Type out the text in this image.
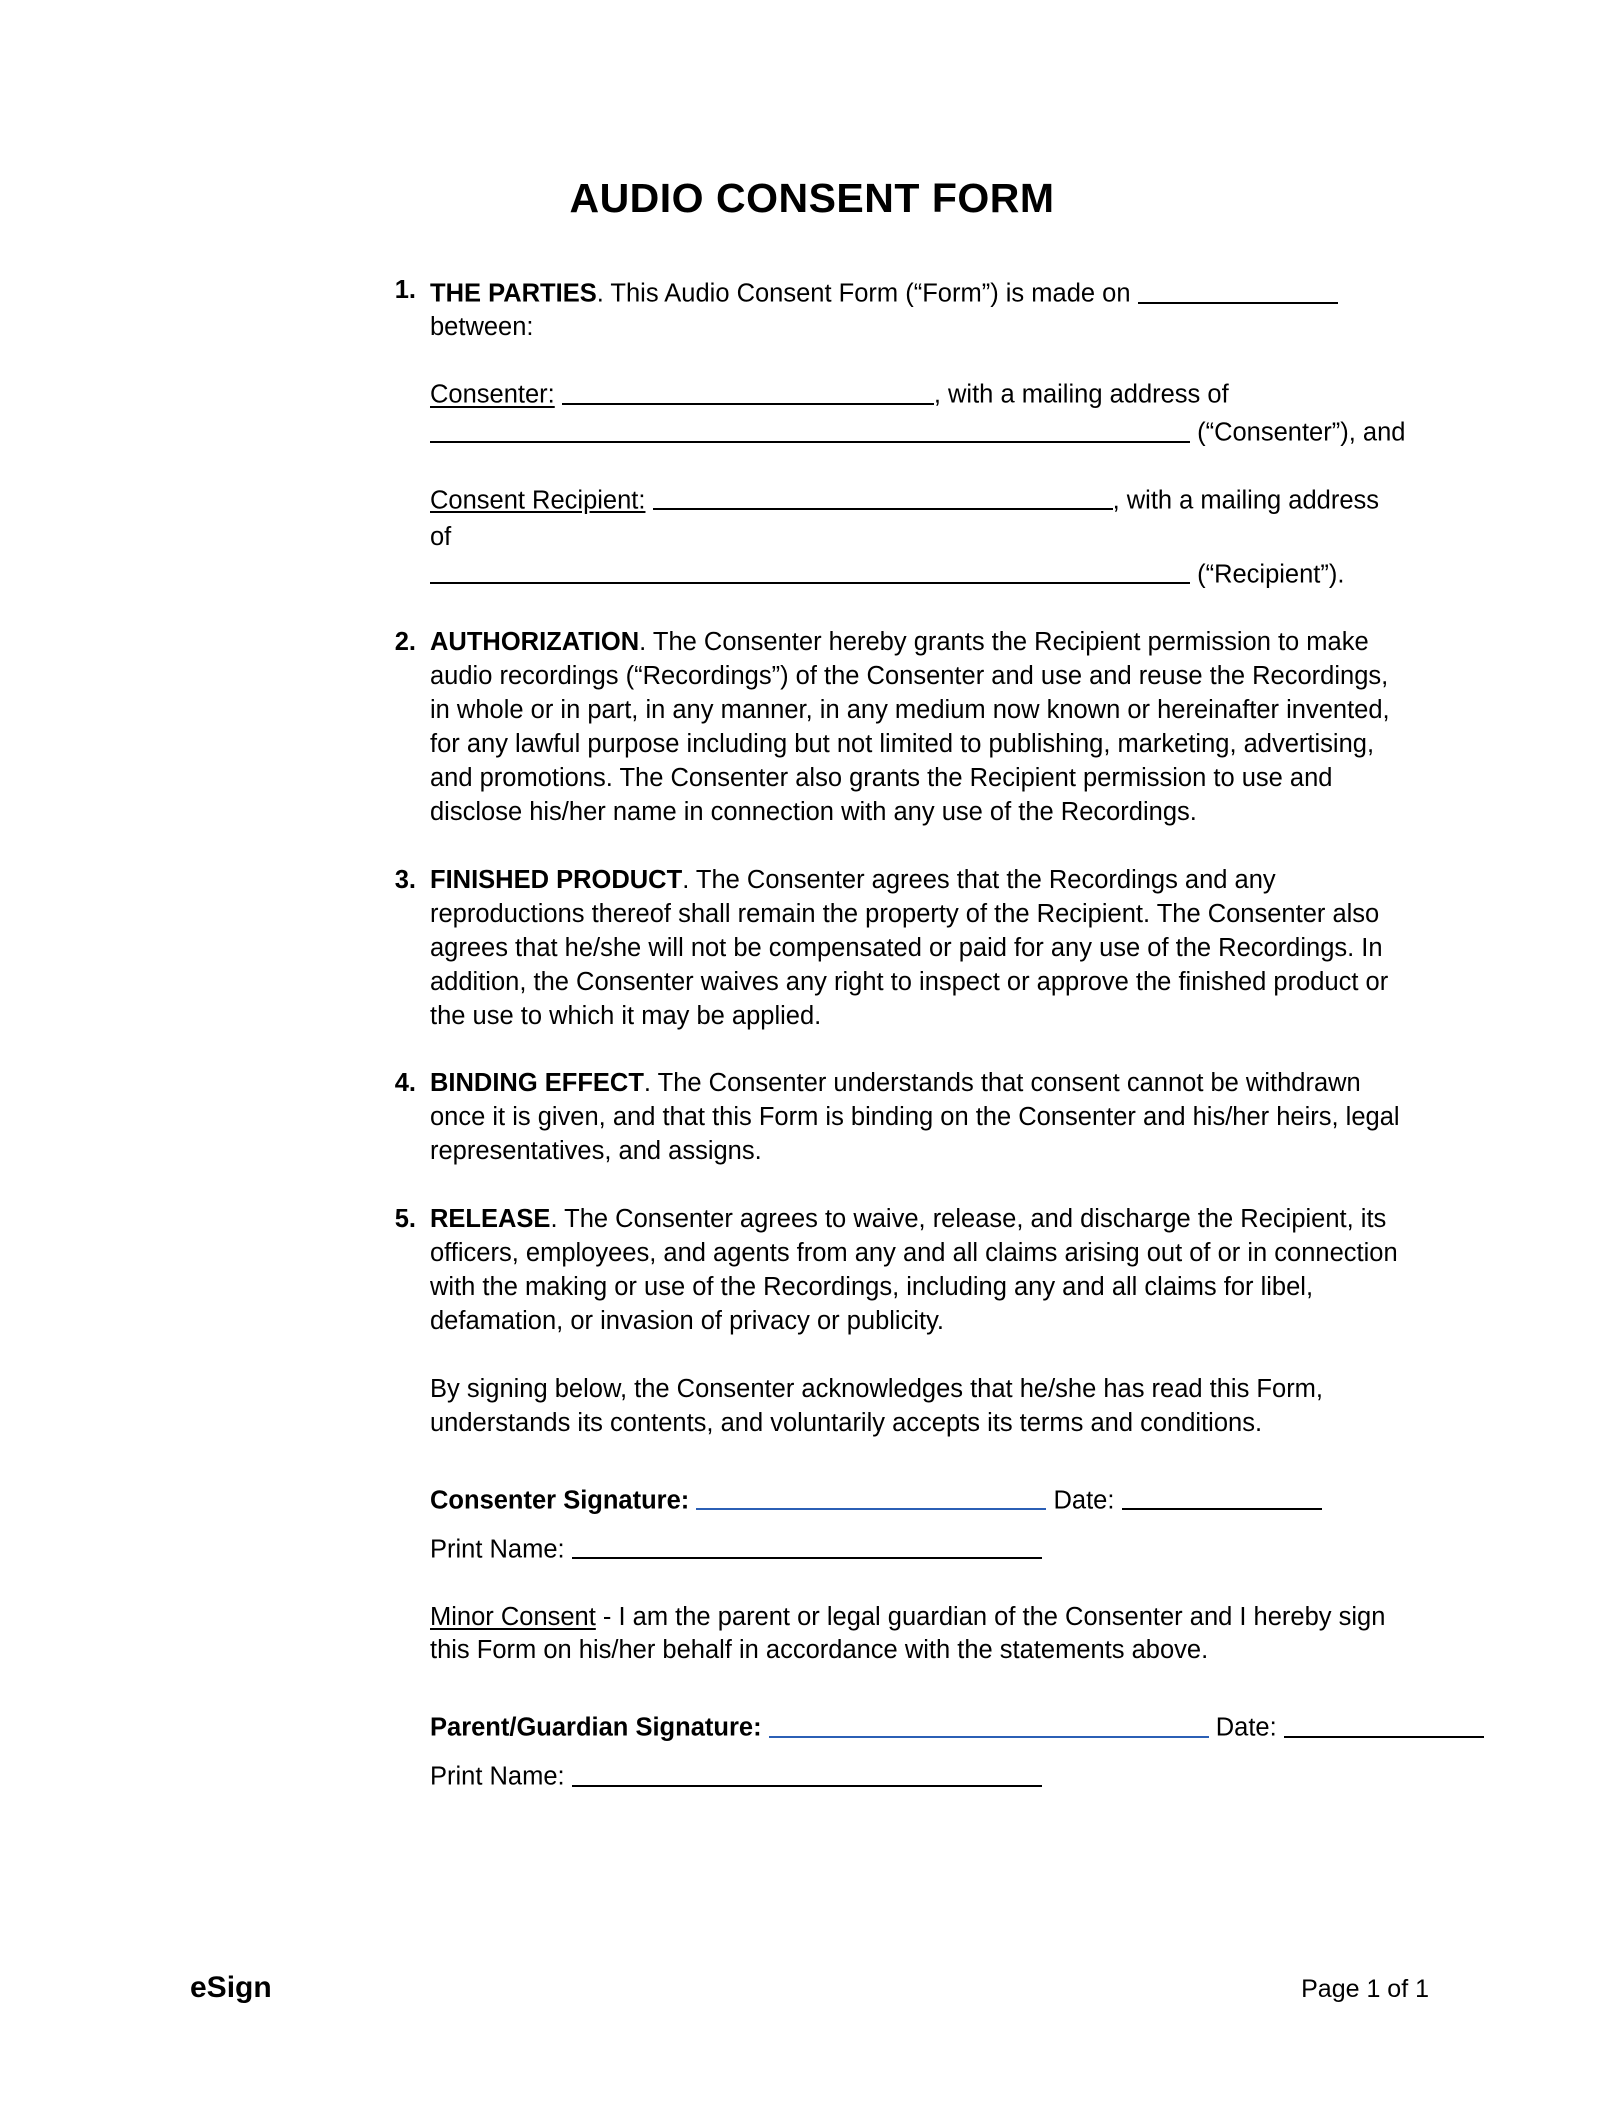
AUDIO CONSENT FORM
1. THE PARTIES. This Audio Consent Form (“Form”) is made on
between:
Consenter:	, with a mailing address of
(“Consenter”), and
Consent Recipient:	, with a mailing address of
(“Recipient”).
2. AUTHORIZATION. The Consenter hereby grants the Recipient permission to make audio recordings (“Recordings”) of the Consenter and use and reuse the Recordings, in whole or in part, in any manner, in any medium now known or hereinafter invented, for any lawful purpose including but not limited to publishing, marketing, advertising, and promotions. The Consenter also grants the Recipient permission to use and disclose his/her name in connection with any use of the Recordings.
3. FINISHED PRODUCT. The Consenter agrees that the Recordings and any reproductions thereof shall remain the property of the Recipient. The Consenter also agrees that he/she will not be compensated or paid for any use of the Recordings. In addition, the Consenter waives any right to inspect or approve the finished product or the use to which it may be applied.
4. BINDING EFFECT. The Consenter understands that consent cannot be withdrawn once it is given, and that this Form is binding on the Consenter and his/her heirs, legal representatives, and assigns.
5. RELEASE. The Consenter agrees to waive, release, and discharge the Recipient, its officers, employees, and agents from any and all claims arising out of or in connection with the making or use of the Recordings, including any and all claims for libel, defamation, or invasion of privacy or publicity.
By signing below, the Consenter acknowledges that he/she has read this Form, understands its contents, and voluntarily accepts its terms and conditions.
Consenter Signature:	Date:
Print Name:
Minor Consent - I am the parent or legal guardian of the Consenter and I hereby sign this Form on his/her behalf in accordance with the statements above.
Parent/Guardian Signature:	Date:
Print Name:
eSign	Page 1 of 1
